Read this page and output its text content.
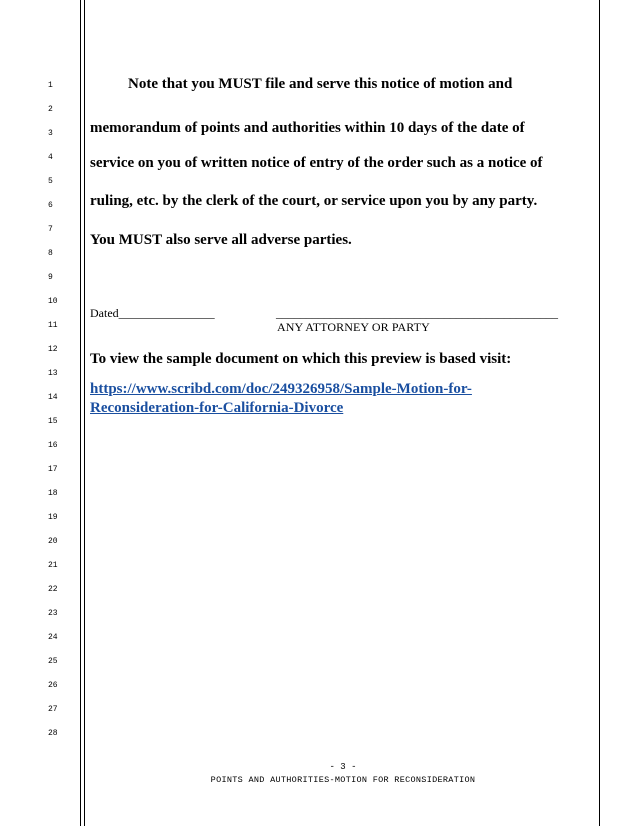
1
2
3
4
5
6
7
8
9
10
11
12
13
14
15
16
17
18
19
20
21
22
23
24
25
26
27
28
Note that you MUST file and serve this notice of motion and
memorandum of points and authorities within 10 days of the date of
service on you of written notice of entry of the order such as a notice of
ruling, etc. by the clerk of the court, or service upon you by any party.
You MUST also serve all adverse parties.
Dated________________	_______________________________________________
ANY ATTORNEY OR PARTY
To view the sample document on which this preview is based visit:
https://www.scribd.com/doc/249326958/Sample-Motion-for-
Reconsideration-for-California-Divorce
- 3 -
POINTS AND AUTHORITIES-MOTION FOR RECONSIDERATION
